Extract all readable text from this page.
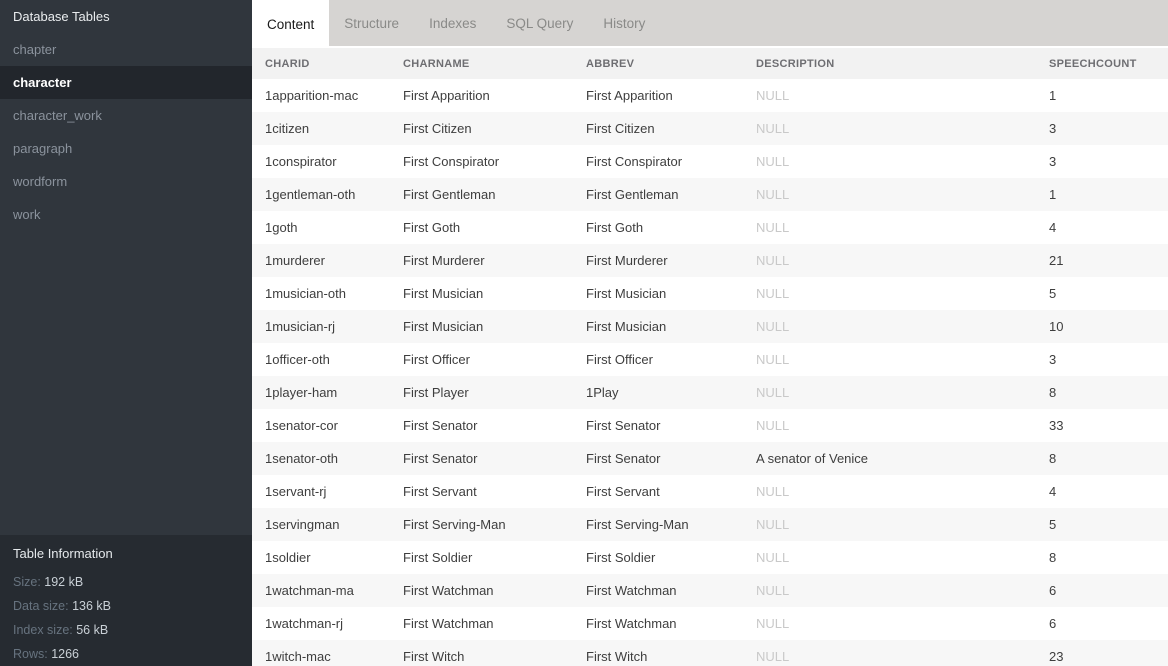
Database Tables
chapter
character
character_work
paragraph
wordform
work
Table Information
Size: 192 kB
Data size: 136 kB
Index size: 56 kB
Rows: 1266
Content	Structure	Indexes	SQL Query	History
CHARID	CHARNAME	ABBREV	DESCRIPTION	SPEECHCOUNT
1apparition-mac	First Apparition	First Apparition	NULL	1
1citizen	First Citizen	First Citizen	NULL	3
1conspirator	First Conspirator	First Conspirator	NULL	3
1gentleman-oth	First Gentleman	First Gentleman	NULL	1
1goth	First Goth	First Goth	NULL	4
1murderer	First Murderer	First Murderer	NULL	21
1musician-oth	First Musician	First Musician	NULL	5
1musician-rj	First Musician	First Musician	NULL	10
1officer-oth	First Officer	First Officer	NULL	3
1player-ham	First Player	1Play	NULL	8
1senator-cor	First Senator	First Senator	NULL	33
1senator-oth	First Senator	First Senator	A senator of Venice	8
1servant-rj	First Servant	First Servant	NULL	4
1servingman	First Serving-Man	First Serving-Man	NULL	5
1soldier	First Soldier	First Soldier	NULL	8
1watchman-ma	First Watchman	First Watchman	NULL	6
1watchman-rj	First Watchman	First Watchman	NULL	6
1witch-mac	First Witch	First Witch	NULL	23
